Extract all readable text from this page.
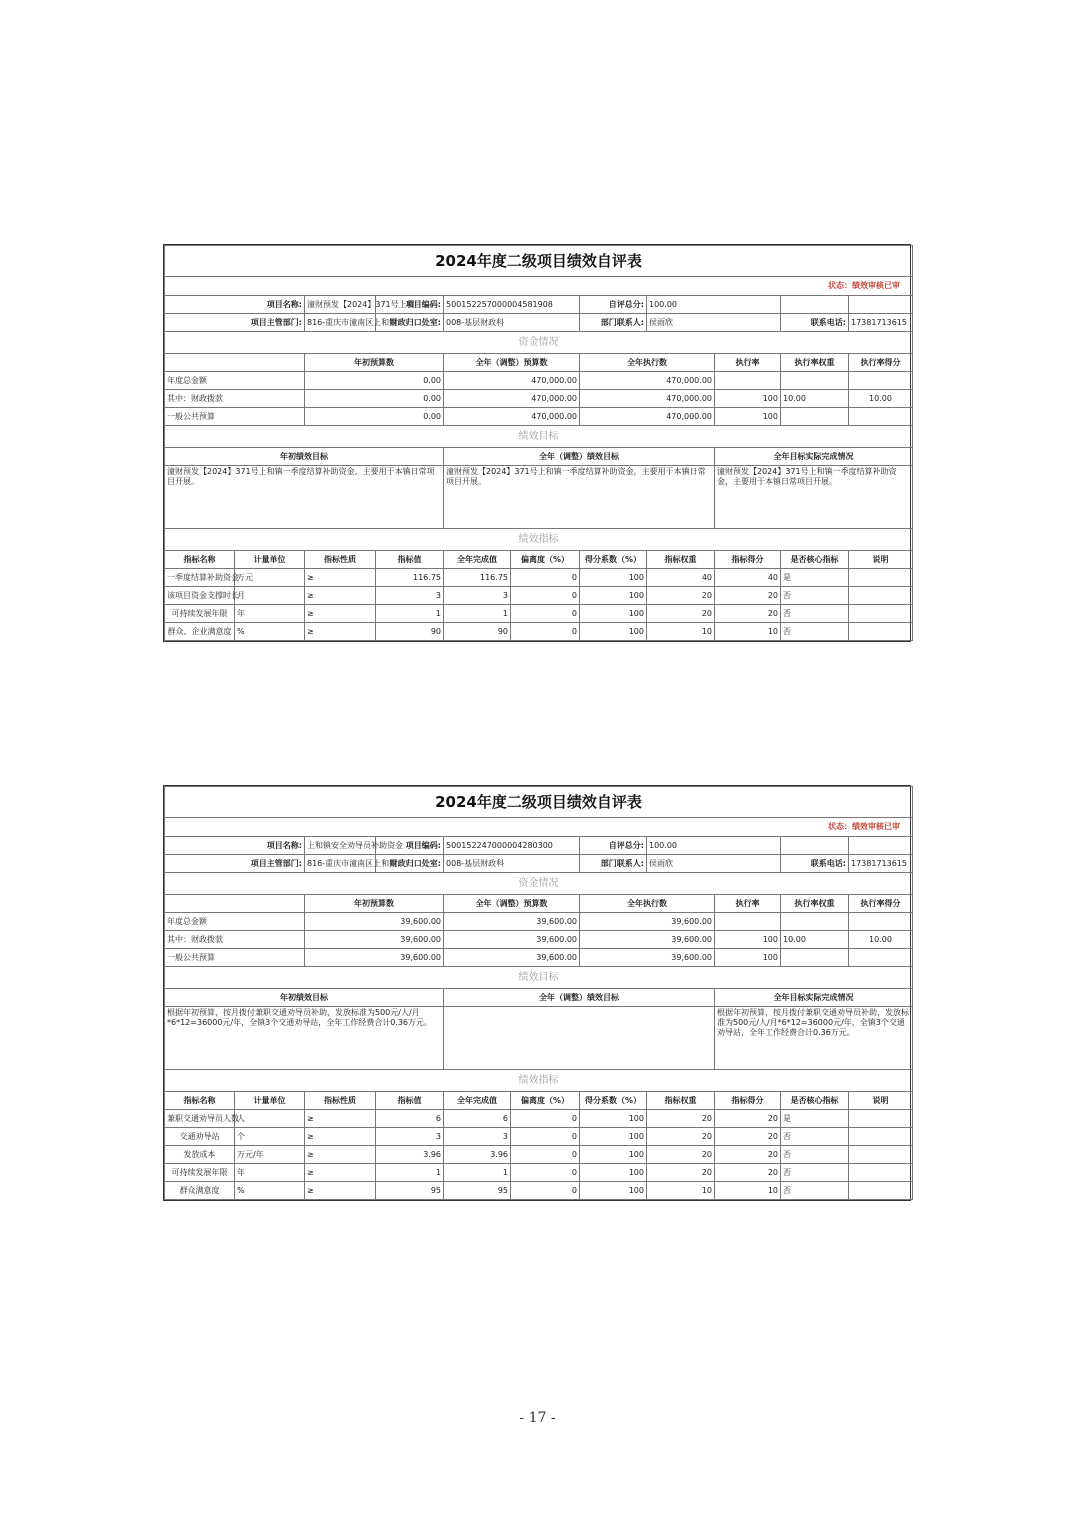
2024年度二级项目绩效自评表										
状态：绩效审核已审										
项目名称:		潼财预发【2024】371号上和	项目编码:	500152257000004581908		自评总分:	100.00			
项目主管部门:		816-重庆市潼南区上和镇	财政归口处室:	008-基层财政科		部门联系人:	侯雨欣		联系电话:	17381713615
资金情况										
		年初预算数		全年（调整）预算数		全年执行数		执行率	执行率权重	执行率得分
年度总金额		0.00		470,000.00		470,000.00				
其中：财政拨款		0.00		470,000.00		470,000.00		100	10.00	10.00
一般公共预算		0.00		470,000.00		470,000.00		100		
绩效目标										
年初绩效目标				全年（调整）绩效目标				全年目标实际完成情况		
潼财预发【2024】371号上和镇一季度结算补助资金，主要用于本镇日常项目开展。				潼财预发【2024】371号上和镇一季度结算补助资金，主要用于本镇日常项目开展。				潼财预发【2024】371号上和镇一季度结算补助资金，主要用于本镇日常项目开展。		
绩效指标										
指标名称	计量单位	指标性质	指标值	全年完成值	偏离度（%）	得分系数（%）	指标权重	指标得分	是否核心指标	说明
一季度结算补助资金	万元	≥	116.75	116.75	0	100	40	40	是	
该项目资金支撑时长	月	≥	3	3	0	100	20	20	否	
可持续发展年限	年	≥	1	1	0	100	20	20	否	
群众、企业满意度	%	≥	90	90	0	100	10	10	否	
2024年度二级项目绩效自评表										
状态：绩效审核已审										
项目名称:		上和镇安全劝导员补助资金	项目编码:	500152247000004280300		自评总分:	100.00			
项目主管部门:		816-重庆市潼南区上和镇	财政归口处室:	008-基层财政科		部门联系人:	侯雨欣		联系电话:	17381713615
资金情况										
		年初预算数		全年（调整）预算数		全年执行数		执行率	执行率权重	执行率得分
年度总金额		39,600.00		39,600.00		39,600.00				
其中：财政拨款		39,600.00		39,600.00		39,600.00		100	10.00	10.00
一般公共预算		39,600.00		39,600.00		39,600.00		100		
绩效目标										
年初绩效目标				全年（调整）绩效目标				全年目标实际完成情况		
根据年初预算，按月拨付兼职交通劝导员补助，发放标准为500元/人/月*6*12=36000元/年，全镇3个交通劝导站，全年工作经费合计0.36万元。								根据年初预算，按月拨付兼职交通劝导员补助，发放标准为500元/人/月*6*12=36000元/年，全镇3个交通劝导站，全年工作经费合计0.36万元。		
绩效指标										
指标名称	计量单位	指标性质	指标值	全年完成值	偏离度（%）	得分系数（%）	指标权重	指标得分	是否核心指标	说明
兼职交通劝导员人数	人	≥	6	6	0	100	20	20	是	
交通劝导站	个	≥	3	3	0	100	20	20	否	
发放成本	万元/年	≥	3.96	3.96	0	100	20	20	否	
可持续发展年限	年	≥	1	1	0	100	20	20	否	
群众满意度	%	≥	95	95	0	100	10	10	否	
- 17 -
